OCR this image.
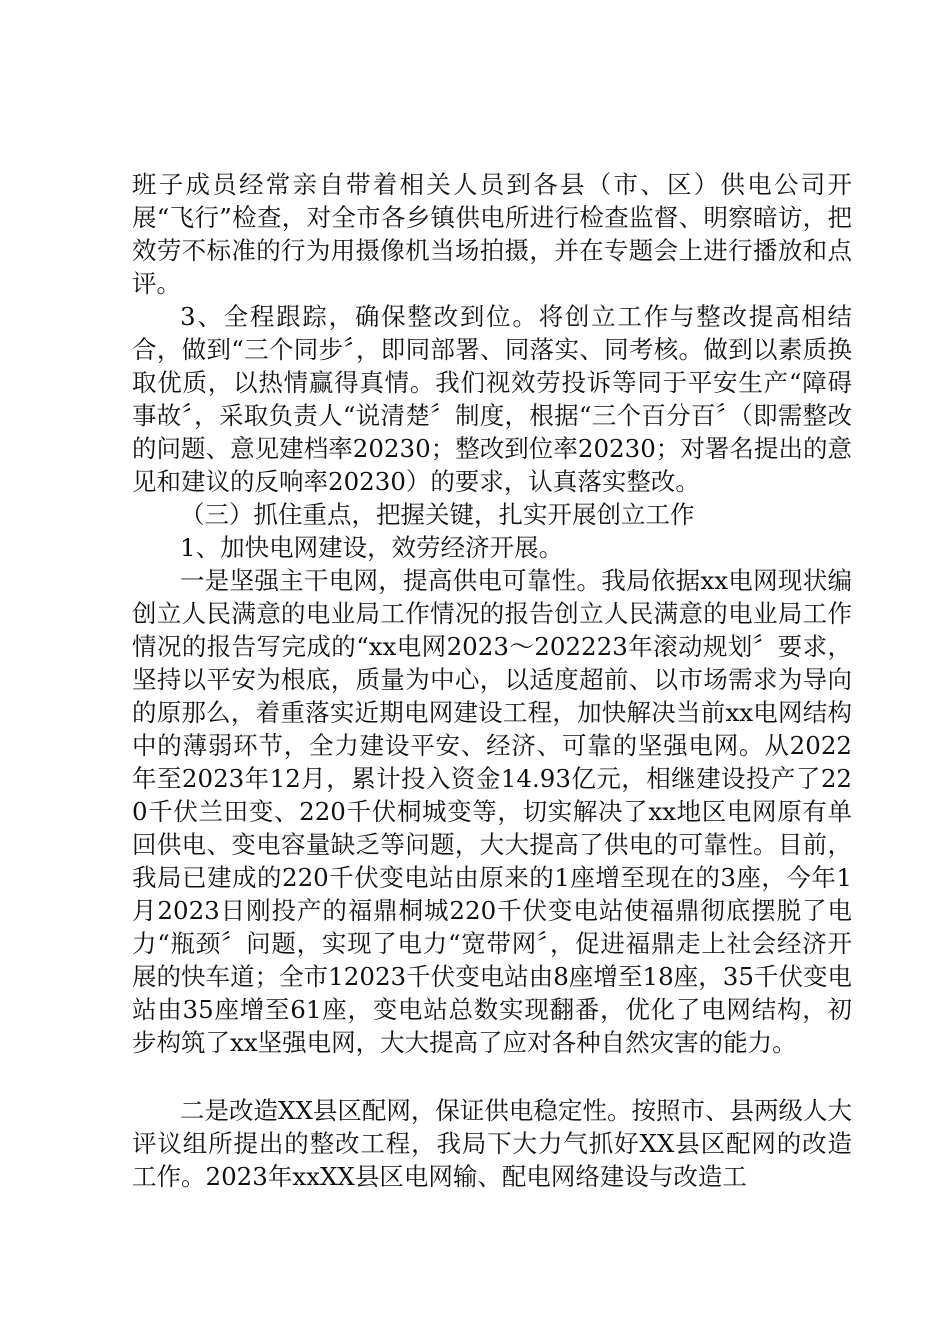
班子成员经常亲自带着相关人员到各县（市、区）供电公司开展“飞行”检查，对全市各乡镇供电所进行检查监督、明察暗访，把效劳不标准的行为用摄像机当场拍摄，并在专题会上进行播放和点评。

3、全程跟踪，确保整改到位。将创立工作与整改提高相结合，做到“三个同步〞，即同部署、同落实、同考核。做到以素质换取优质，以热情赢得真情。我们视效劳投诉等同于平安生产“障碍事故〞，采取负责人“说清楚〞制度，根据“三个百分百〞（即需整改的问题、意见建档率20230；整改到位率20230；对署名提出的意见和建议的反响率20230）的要求，认真落实整改。

（三）抓住重点，把握关键，扎实开展创立工作

1、加快电网建设，效劳经济开展。

一是坚强主干电网，提高供电可靠性。我局依据xx电网现状编创立人民满意的电业局工作情况的报告创立人民满意的电业局工作情况的报告写完成的“xx电网2023～202223年滚动规划〞要求，坚持以平安为根底，质量为中心，以适度超前、以市场需求为导向的原那么，着重落实近期电网建设工程，加快解决当前xx电网结构中的薄弱环节，全力建设平安、经济、可靠的坚强电网。从2022年至2023年12月，累计投入资金14.93亿元，相继建设投产了220千伏兰田变、220千伏桐城变等，切实解决了xx地区电网原有单回供电、变电容量缺乏等问题，大大提高了供电的可靠性。目前，我局已建成的220千伏变电站由原来的1座增至现在的3座，今年1月2023日刚投产的福鼎桐城220千伏变电站使福鼎彻底摆脱了电力“瓶颈〞问题，实现了电力“宽带网〞，促进福鼎走上社会经济开展的快车道；全市12023千伏变电站由8座增至18座，35千伏变电站由35座增至61座，变电站总数实现翻番，优化了电网结构，初步构筑了xx坚强电网，大大提高了应对各种自然灾害的能力。

二是改造XX县区配网，保证供电稳定性。按照市、县两级人大评议组所提出的整改工程，我局下大力气抓好XX县区配网的改造工作。2023年xxXX县区电网输、配电网络建设与改造工
